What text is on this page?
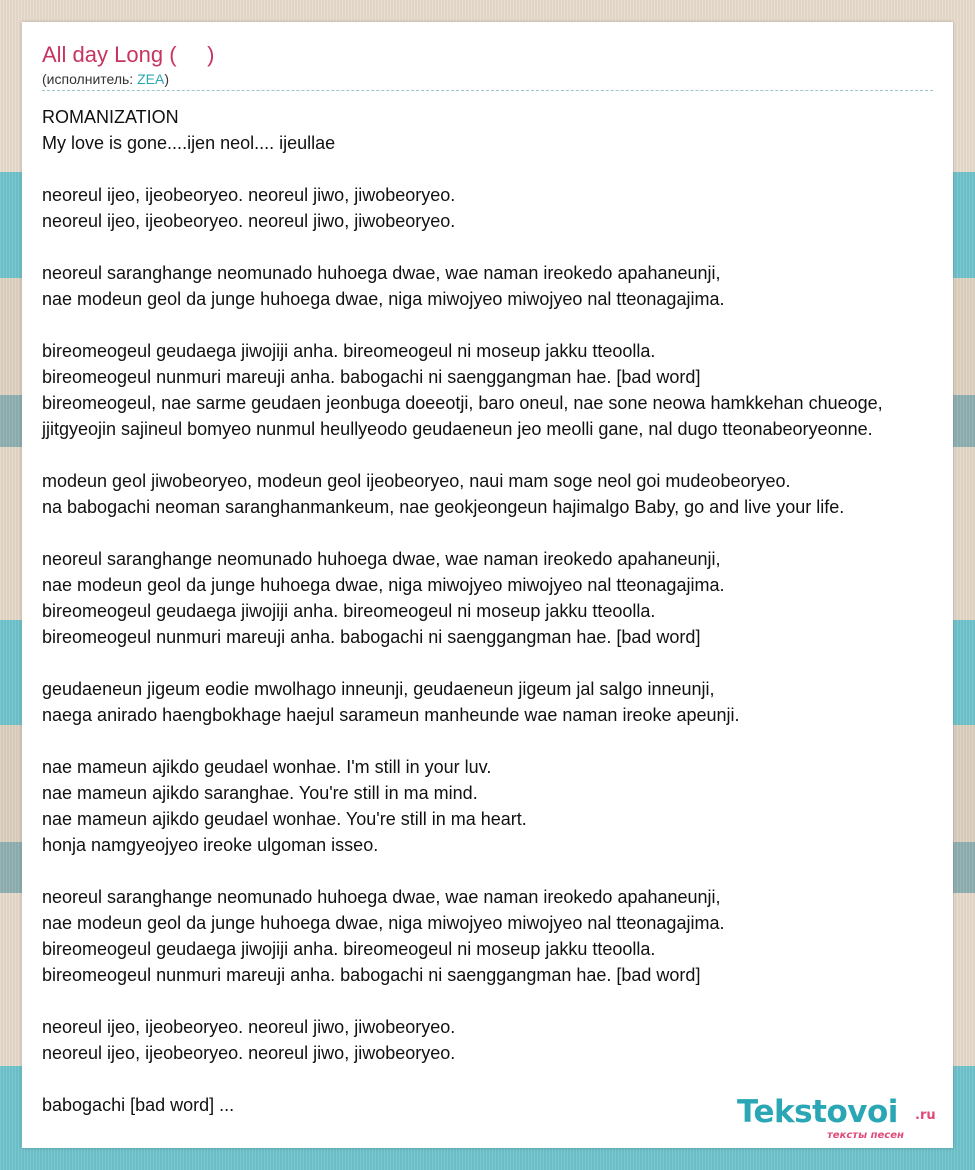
All day Long (     )
(исполнитель: ZEA)
ROMANIZATION
My love is gone....ijen neol.... ijeullae
neoreul ijeo, ijeobeoryeo. neoreul jiwo, jiwobeoryeo.
neoreul ijeo, ijeobeoryeo. neoreul jiwo, jiwobeoryeo.
neoreul saranghange neomunado huhoega dwae, wae naman ireokedo apahaneunji,
nae modeun geol da junge huhoega dwae, niga miwojyeo miwojyeo nal tteonagajima.
bireomeogeul geudaega jiwojiji anha. bireomeogeul ni moseup jakku tteoolla.
bireomeogeul nunmuri mareuji anha. babogachi ni saenggangman hae. [bad word]
bireomeogeul, nae sarme geudaen jeonbuga doeeotji, baro oneul, nae sone neowa hamkkehan chueoge,
jjitgyeojin sajineul bomyeo nunmul heullyeodo geudaeneun jeo meolli gane, nal dugo tteonabeoryeonne.
modeun geol jiwobeoryeo, modeun geol ijeobeoryeo, naui mam soge neol goi mudeobeoryeo.
na babogachi neoman saranghanmankeum, nae geokjeongeun hajimalgo Baby, go and live your life.
neoreul saranghange neomunado huhoega dwae, wae naman ireokedo apahaneunji,
nae modeun geol da junge huhoega dwae, niga miwojyeo miwojyeo nal tteonagajima.
bireomeogeul geudaega jiwojiji anha. bireomeogeul ni moseup jakku tteoolla.
bireomeogeul nunmuri mareuji anha. babogachi ni saenggangman hae. [bad word]
geudaeneun jigeum eodie mwolhago inneunji, geudaeneun jigeum jal salgo inneunji,
naega anirado haengbokhage haejul sarameun manheunde wae naman ireoke apeunji.
nae mameun ajikdo geudael wonhae. I'm still in your luv.
nae mameun ajikdo saranghae. You're still in ma mind.
nae mameun ajikdo geudael wonhae. You're still in ma heart.
honja namgyeojyeo ireoke ulgoman isseo.
neoreul saranghange neomunado huhoega dwae, wae naman ireokedo apahaneunji,
nae modeun geol da junge huhoega dwae, niga miwojyeo miwojyeo nal tteonagajima.
bireomeogeul geudaega jiwojiji anha. bireomeogeul ni moseup jakku tteoolla.
bireomeogeul nunmuri mareuji anha. babogachi ni saenggangman hae. [bad word]
neoreul ijeo, ijeobeoryeo. neoreul jiwo, jiwobeoryeo.
neoreul ijeo, ijeobeoryeo. neoreul jiwo, jiwobeoryeo.
babogachi [bad word] ...	Tekstovoi .ru
тексты песен
